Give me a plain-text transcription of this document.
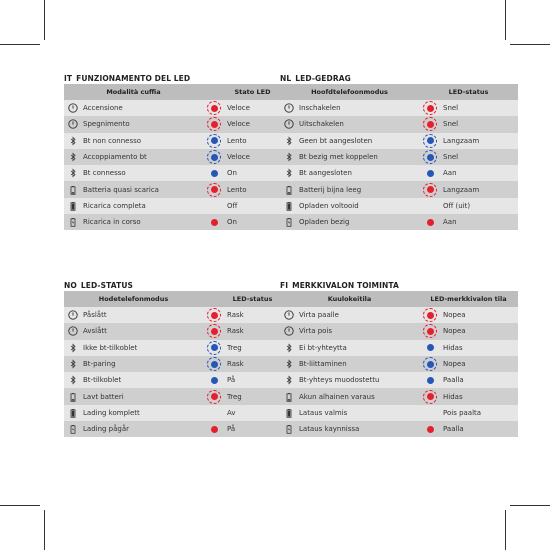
IT FUNZIONAMENTO DEL LED
Modalità cuffia	Stato LED
Accensione	Veloce
Spegnimento	Veloce
Bt non connesso	Lento
Accoppiamento bt	Veloce
Bt connesso	On
Batteria quasi scarica	Lento
Ricarica completa	Off
Ricarica in corso	On
NL LED-GEDRAG
Hoofdtelefoonmodus	LED-status
Inschakelen	Snel
Uitschakelen	Snel
Geen bt aangesloten	Langzaam
Bt bezig met koppelen	Snel
Bt aangesloten	Aan
Batterij bijna leeg	Langzaam
Opladen voltooid	Off (uit)
Opladen bezig	Aan
NO LED-STATUS
Hodetelefonmodus	LED-status
Påslått	Rask
Avslått	Rask
Ikke bt-tilkoblet	Treg
Bt-paring	Rask
Bt-tilkoblet	På
Lavt batteri	Treg
Lading komplett	Av
Lading pågår	På
FI MERKKIVALON TOIMINTA
Kuulokeitila	LED-merkkivalon tila
Virta paalle	Nopea
Virta pois	Nopea
Ei bt-yhteytta	Hidas
Bt-liittaminen	Nopea
Bt-yhteys muodostettu	Paalla
Akun alhainen varaus	Hidas
Lataus valmis	Pois paalta
Lataus kaynnissa	Paalla
